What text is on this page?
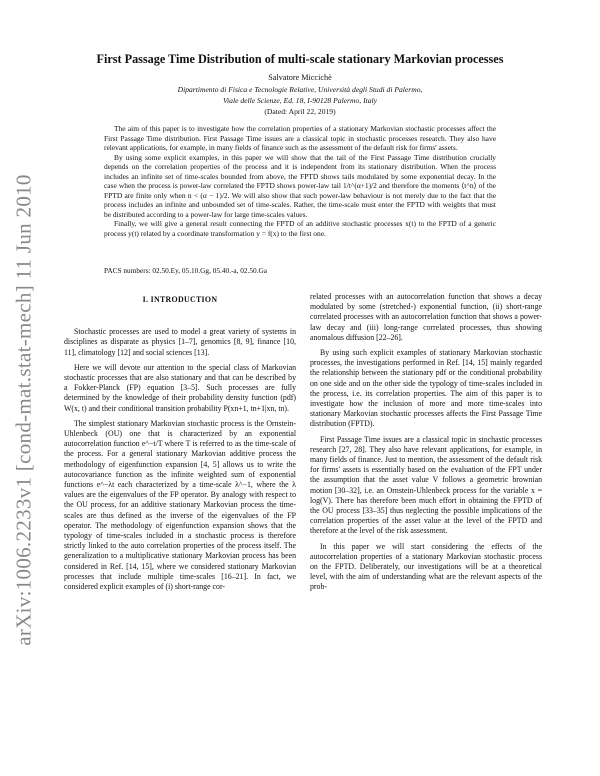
arXiv:1006.2233v1 [cond-mat.stat-mech] 11 Jun 2010
First Passage Time Distribution of multi-scale stationary Markovian processes
Salvatore Miccichè
Dipartimento di Fisica e Tecnologie Relative, Università degli Studi di Palermo,
Viale delle Scienze, Ed. 18, I-90128 Palermo, Italy
(Dated: April 22, 2019)

The aim of this paper is to investigate how the correlation properties of a stationary Markovian stochastic processes affect the First Passage Time distribution. First Passage Time issues are a classical topic in stochastic processes research. They also have relevant applications, for example, in many fields of finance such as the assessment of the default risk for firms' assets.

By using some explicit examples, in this paper we will show that the tail of the First Passage Time distribution crucially depends on the correlation properties of the process and it is independent from its stationary distribution. When the process includes an infinite set of time-scales bounded from above, the FPTD shows tails modulated by some exponential decay. In the case when the process is power-law correlated the FPTD shows power-law tail 1/t^(α+1)/2 and therefore the moments ⟨t^n⟩ of the FPTD are finite only when n < (α − 1)/2. We will also show that such power-law behaviour is not merely due to the fact that the process includes an infinite and unbounded set of time-scales. Rather, the time-scale must enter the FPTD with weights that must be distributed according to a power-law for large time-scales values.

Finally, we will give a general result connecting the FPTD of an additive stochastic processes x(t) to the FPTD of a generic process y(t) related by a coordinate transformation y = f(x) to the first one.

PACS numbers: 02.50.Ey, 05.10.Gg, 05.40.-a, 02.50.Ga
I. INTRODUCTION

Stochastic processes are used to model a great variety of systems in disciplines as disparate as physics [1–7], genomics [8, 9], finance [10, 11], climatology [12] and social sciences [13].

Here we will devote our attention to the special class of Markovian stochastic processes that are also stationary and that can be described by a Fokker-Planck (FP) equation [3–5]. Such processes are fully determined by the knowledge of their probability density function (pdf) W(x, t) and their conditional transition probability P(xn+1, tn+1|xn, tn).

The simplest stationary Markovian stochastic process is the Ornstein-Uhlenbeck (OU) one that is characterized by an exponential autocorrelation function e^−t/T where T is referred to as the time-scale of the process. For a general stationary Markovian additive process the methodology of eigenfunction expansion [4, 5] allows us to write the autocovariance function as the infinite weighted sum of exponential functions e^−λt each characterized by a time-scale λ^−1, where the λ values are the eigenvalues of the FP operator. By analogy with respect to the OU process, for an additive stationary Markovian process the time-scales are thus defined as the inverse of the eigenvalues of the FP operator. The methodology of eigenfunction expansion shows that the typology of time-scales included in a stochastic process is therefore strictly linked to the auto correlation properties of the process itself. The generalization to a multiplicative stationary Markovian process has been considered in Ref. [14, 15], where we considered stationary Markovian processes that include multiple time-scales [16–21]. In fact, we considered explicit examples of (i) short-range cor-

related processes with an autocorrelation function that shows a decay modulated by some (stretched-) exponential function, (ii) short-range correlated processes with an autocorrelation function that shows a power-law decay and (iii) long-range correlated processes, thus showing anomalous diffusion [22–26].

By using such explicit examples of stationary Markovian stochastic processes, the investigations performed in Ref. [14, 15] mainly regarded the relationship between the stationary pdf or the conditional probability on one side and on the other side the typology of time-scales included in the process, i.e. its correlation properties. The aim of this paper is to investigate how the inclusion of more and more time-scales into stationary Markovian stochastic processes affects the First Passage Time distribution (FPTD).

First Passage Time issues are a classical topic in stochastic processes research [27, 28]. They also have relevant applications, for example, in many fields of finance. Just to mention, the assessment of the default risk for firms' assets is essentially based on the evaluation of the FPT under the assumption that the asset value V follows a geometric brownian motion [30–32], i.e. an Ornstein-Uhlenbeck process for the variable x = log(V). There has therefore been much effort in obtaining the FPTD of the OU process [33–35] thus neglecting the possible implications of the correlation properties of the asset value at the level of the FPTD and therefore at the level of the risk assessment.

In this paper we will start considering the effects of the autocorrelation properties of a stationary Markovian stochastic process on the FPTD. Deliberately, our investigations will be at a theoretical level, with the aim of understanding what are the relevant aspects of the prob-
